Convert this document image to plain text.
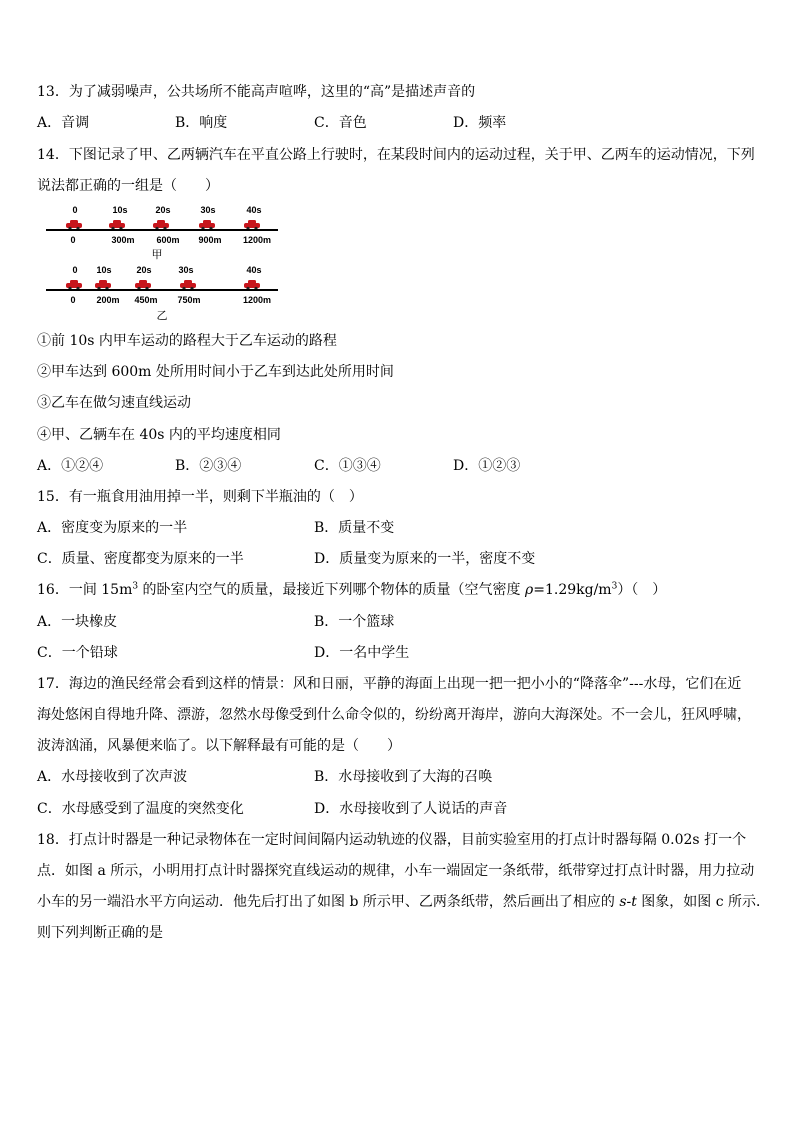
13．为了减弱噪声，公共场所不能高声喧哗，这里的“高”是描述声音的
A．音调	B．响度	C．音色	D．频率
14．下图记录了甲、乙两辆汽车在平直公路上行驶时，在某段时间内的运动过程，关于甲、乙两车的运动情况，下列
说法都正确的一组是（　　）
0	10s	20s	30s	40s
0	300m 600m 900m 1200m
甲
0 10s	20s	30s	40s
0 200m 450m 750m	1200m
乙
①前 10s 内甲车运动的路程大于乙车运动的路程
②甲车达到 600m 处所用时间小于乙车到达此处所用时间
③乙车在做匀速直线运动
④甲、乙辆车在 40s 内的平均速度相同
A．①②④	B．②③④	C．①③④	D．①②③
15．有一瓶食用油用掉一半，则剩下半瓶油的（　）
A．密度变为原来的一半	B．质量不变
C．质量、密度都变为原来的一半	D．质量变为原来的一半，密度不变
16．一间 $15m^3$ 的卧室内空气的质量，最接近下列哪个物体的质量（空气密度 $\rho=1.29kg/m^3$）（　）
A．一块橡皮	B．一个篮球
C．一个铅球	D．一名中学生
17．海边的渔民经常会看到这样的情景：风和日丽，平静的海面上出现一把一把小小的“降落伞”---水母，它们在近
海处悠闲自得地升降、漂游，忽然水母像受到什么命令似的，纷纷离开海岸，游向大海深处。不一会儿，狂风呼啸，
波涛汹涌，风暴便来临了。以下解释最有可能的是（　　）
A．水母接收到了次声波	B．水母接收到了大海的召唤
C．水母感受到了温度的突然变化	D．水母接收到了人说话的声音
18．打点计时器是一种记录物体在一定时间间隔内运动轨迹的仪器，目前实验室用的打点计时器每隔 0.02s 打一个
点．如图 a 所示，小明用打点计时器探究直线运动的规律，小车一端固定一条纸带，纸带穿过打点计时器，用力拉动
小车的另一端沿水平方向运动．他先后打出了如图 b 所示甲、乙两条纸带，然后画出了相应的 s-t 图象，如图 c 所示．
则下列判断正确的是
